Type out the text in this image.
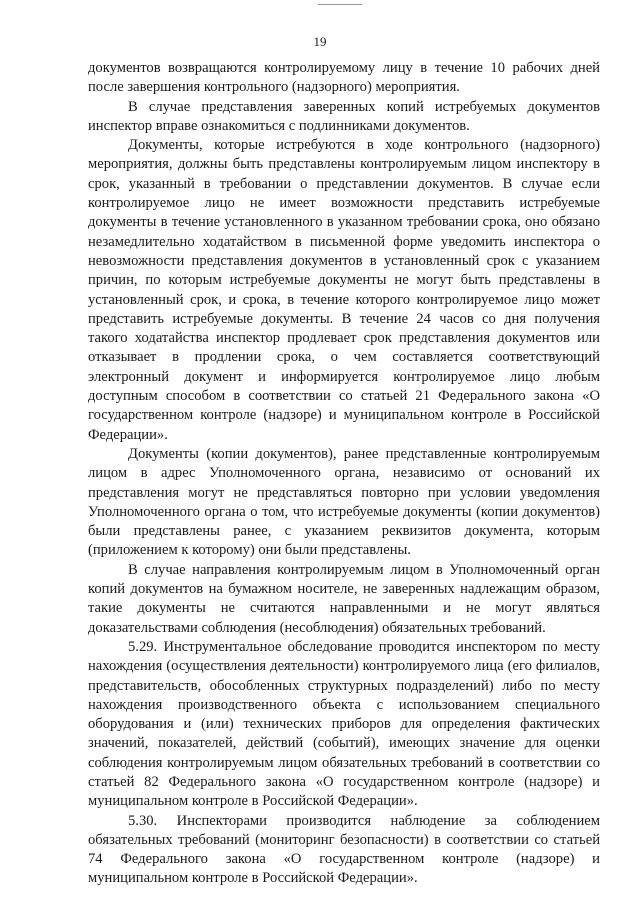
19

документов возвращаются контролируемому лицу в течение 10 рабочих дней после завершения контрольного (надзорного) мероприятия.

В случае представления заверенных копий истребуемых документов инспектор вправе ознакомиться с подлинниками документов.

Документы, которые истребуются в ходе контрольного (надзорного) мероприятия, должны быть представлены контролируемым лицом инспектору в срок, указанный в требовании о представлении документов. В случае если контролируемое лицо не имеет возможности представить истребуемые документы в течение установленного в указанном требовании срока, оно обязано незамедлительно ходатайством в письменной форме уведомить инспектора о невозможности представления документов в установленный срок с указанием причин, по которым истребуемые документы не могут быть представлены в установленный срок, и срока, в течение которого контролируемое лицо может представить истребуемые документы. В течение 24 часов со дня получения такого ходатайства инспектор продлевает срок представления документов или отказывает в продлении срока, о чем составляется соответствующий электронный документ и информируется контролируемое лицо любым доступным способом в соответствии со статьей 21 Федерального закона «О государственном контроле (надзоре) и муниципальном контроле в Российской Федерации».

Документы (копии документов), ранее представленные контролируемым лицом в адрес Уполномоченного органа, независимо от оснований их представления могут не представляться повторно при условии уведомления Уполномоченного органа о том, что истребуемые документы (копии документов) были представлены ранее, с указанием реквизитов документа, которым (приложением к которому) они были представлены.

В случае направления контролируемым лицом в Уполномоченный орган копий документов на бумажном носителе, не заверенных надлежащим образом, такие документы не считаются направленными и не могут являться доказательствами соблюдения (несоблюдения) обязательных требований.

5.29. Инструментальное обследование проводится инспектором по месту нахождения (осуществления деятельности) контролируемого лица (его филиалов, представительств, обособленных структурных подразделений) либо по месту нахождения производственного объекта с использованием специального оборудования и (или) технических приборов для определения фактических значений, показателей, действий (событий), имеющих значение для оценки соблюдения контролируемым лицом обязательных требований в соответствии со статьей 82 Федерального закона «О государственном контроле (надзоре) и муниципальном контроле в Российской Федерации».

5.30. Инспекторами производится наблюдение за соблюдением обязательных требований (мониторинг безопасности) в соответствии со статьей 74 Федерального закона «О государственном контроле (надзоре) и муниципальном контроле в Российской Федерации».
